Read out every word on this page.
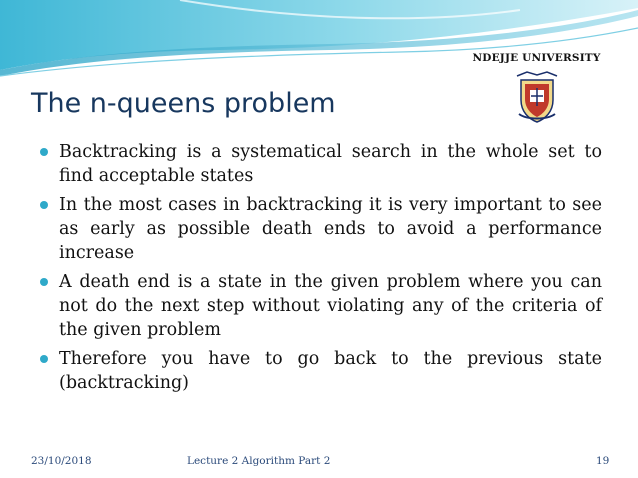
NDEJJE UNIVERSITY
The n-queens problem
Backtracking is a systematical search in the whole set to find acceptable states
In the most cases in backtracking it is very important to see as early as possible death ends to avoid a performance increase
A death end is a state in the given problem where you can not do the next step without violating any of the criteria of the given problem
Therefore you have to go back to the previous state (backtracking)
23/10/2018	Lecture 2 Algorithm Part 2	19
